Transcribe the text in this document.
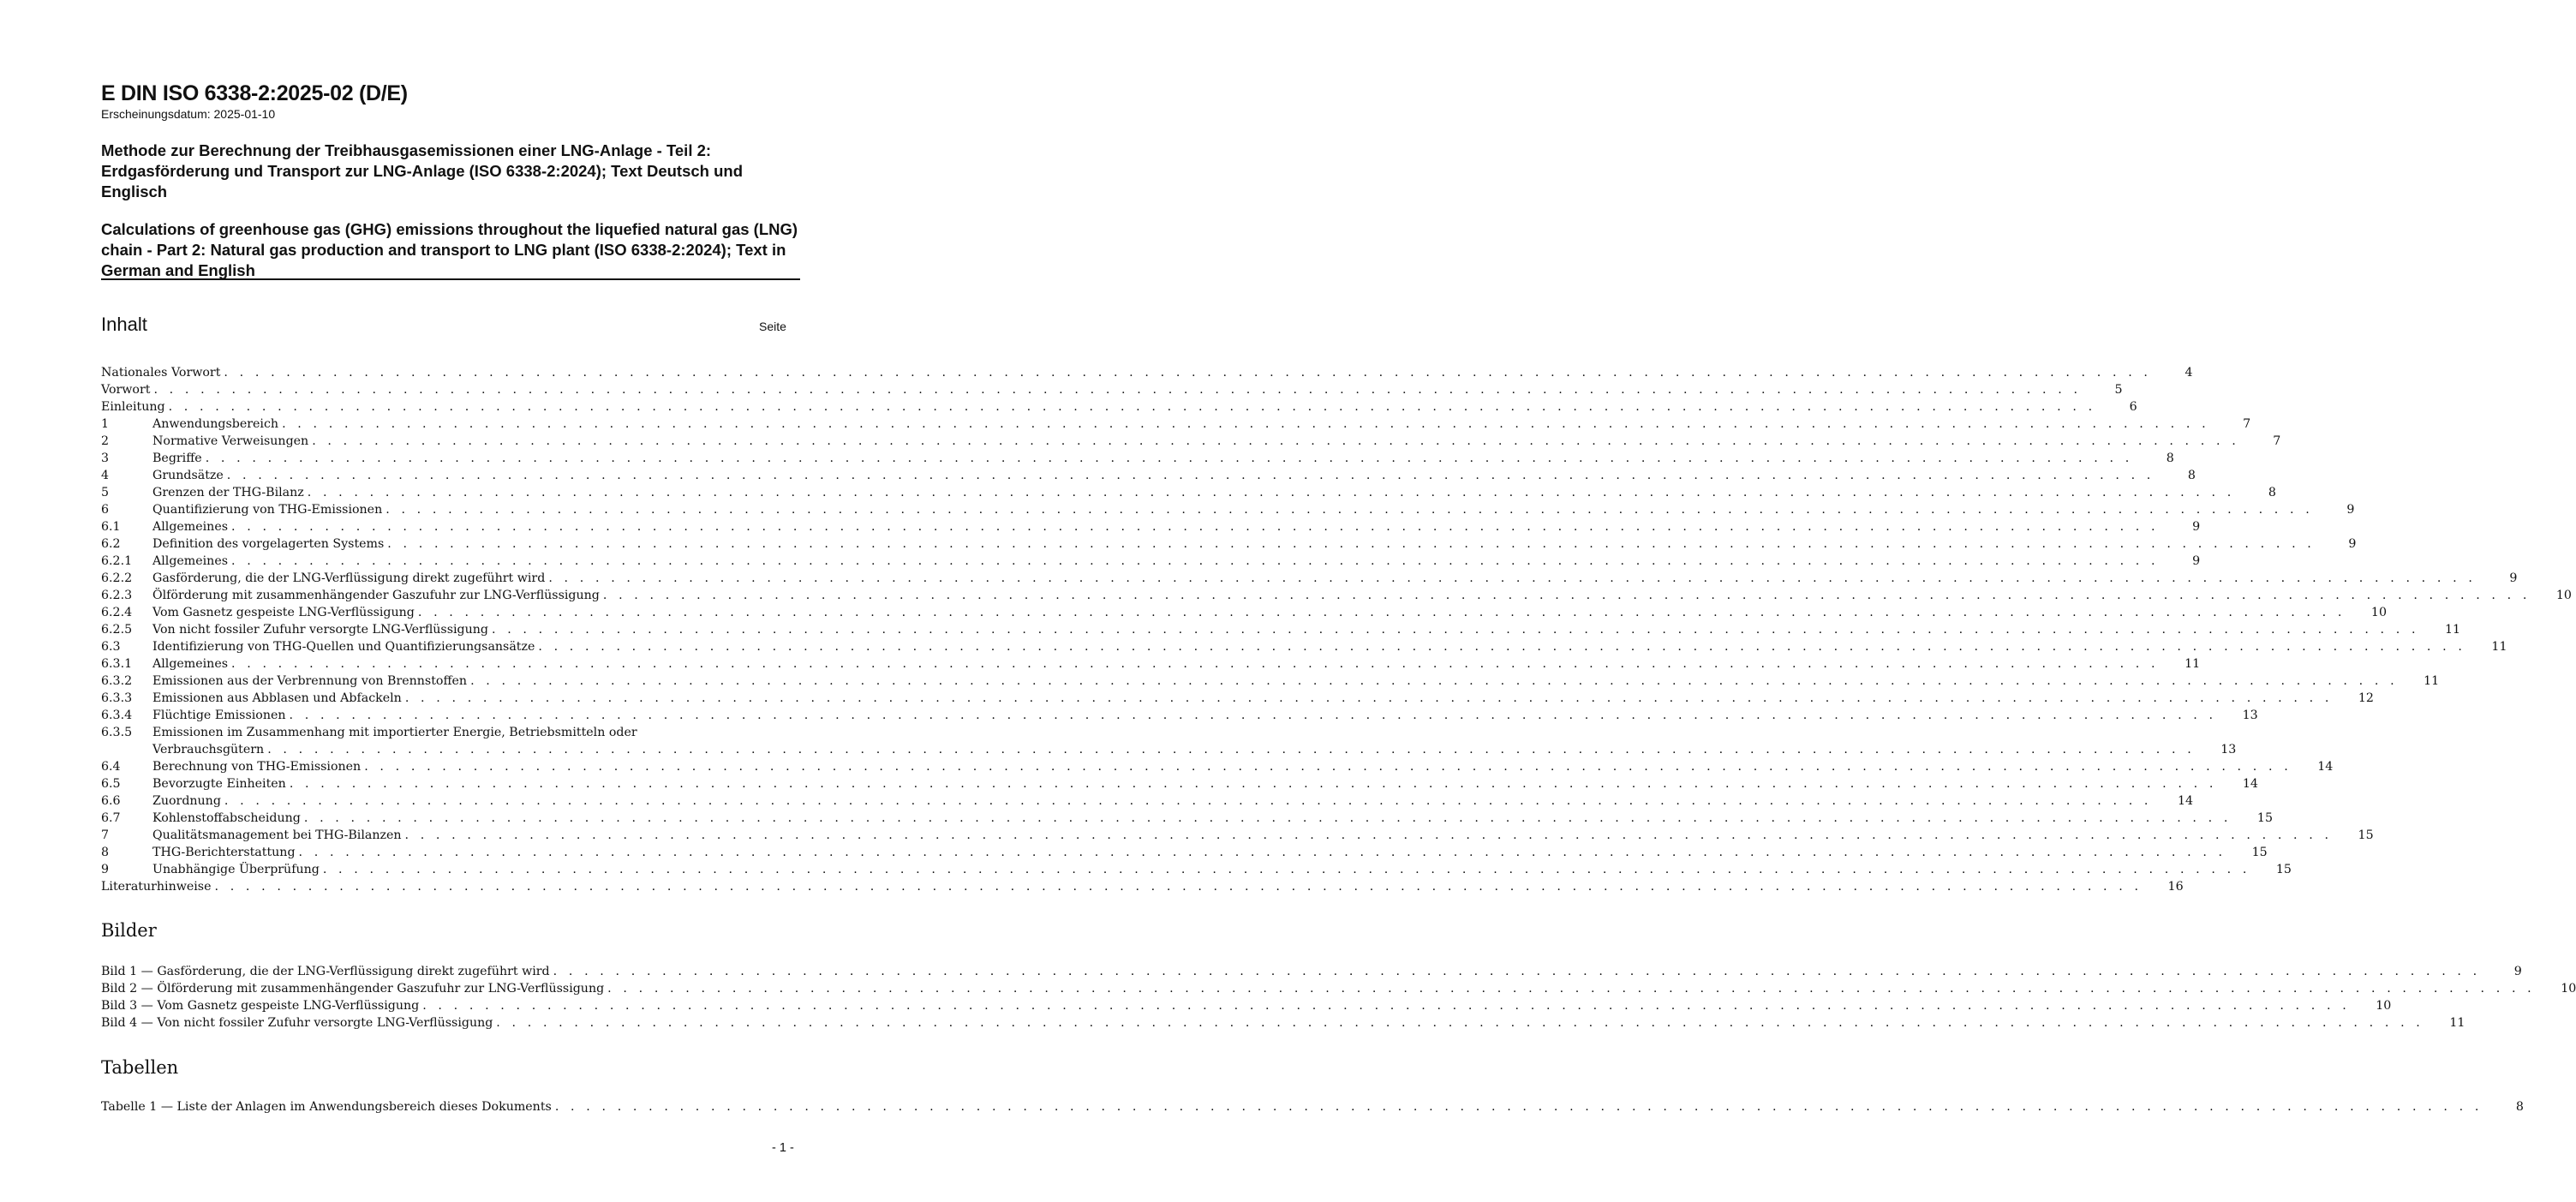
E DIN ISO 6338-2:2025-02 (D/E)
Erscheinungsdatum: 2025-01-10
Methode zur Berechnung der Treibhausgasemissionen einer LNG-Anlage - Teil 2: Erdgasförderung und Transport zur LNG-Anlage (ISO 6338-2:2024); Text Deutsch und Englisch
Calculations of greenhouse gas (GHG) emissions throughout the liquefied natural gas (LNG) chain - Part 2: Natural gas production and transport to LNG plant (ISO 6338-2:2024); Text in German and English
Inhalt	Seite
Nationales Vorwort . . .	4
Vorwort . . .	5
Einleitung . . .	6
1	Anwendungsbereich . . .	7
2	Normative Verweisungen . . .	7
3	Begriffe . . .	8
4	Grundsätze . . .	8
5	Grenzen der THG-Bilanz . . .	8
6	Quantifizierung von THG-Emissionen . . .	9
6.1	Allgemeines . . .	9
6.2	Definition des vorgelagerten Systems . . .	9
6.2.1	Allgemeines . . .	9
6.2.2	Gasförderung, die der LNG-Verflüssigung direkt zugeführt wird . . .	9
6.2.3	Ölförderung mit zusammenhängender Gaszufuhr zur LNG-Verflüssigung . . .	10
6.2.4	Vom Gasnetz gespeiste LNG-Verflüssigung . . .	10
6.2.5	Von nicht fossiler Zufuhr versorgte LNG-Verflüssigung . . .	11
6.3	Identifizierung von THG-Quellen und Quantifizierungsansätze . . .	11
6.3.1	Allgemeines . . .	11
6.3.2	Emissionen aus der Verbrennung von Brennstoffen . . .	11
6.3.3	Emissionen aus Abblasen und Abfackeln . . .	12
6.3.4	Flüchtige Emissionen . . .	13
6.3.5	Emissionen im Zusammenhang mit importierter Energie, Betriebsmitteln oder
Verbrauchsgütern . . .	13
6.4	Berechnung von THG-Emissionen . . .	14
6.5	Bevorzugte Einheiten . . .	14
6.6	Zuordnung . . .	14
6.7	Kohlenstoffabscheidung . . .	15
7	Qualitätsmanagement bei THG-Bilanzen . . .	15
8	THG-Berichterstattung . . .	15
9	Unabhängige Überprüfung . . .	15
Literaturhinweise . . .	16
Bilder
Bild 1 — Gasförderung, die der LNG-Verflüssigung direkt zugeführt wird . . .	9
Bild 2 — Ölförderung mit zusammenhängender Gaszufuhr zur LNG-Verflüssigung . . .	10
Bild 3 — Vom Gasnetz gespeiste LNG-Verflüssigung . . .	10
Bild 4 — Von nicht fossiler Zufuhr versorgte LNG-Verflüssigung . . .	11
Tabellen
Tabelle 1 — Liste der Anlagen im Anwendungsbereich dieses Dokuments . . .	8
- 1 -
